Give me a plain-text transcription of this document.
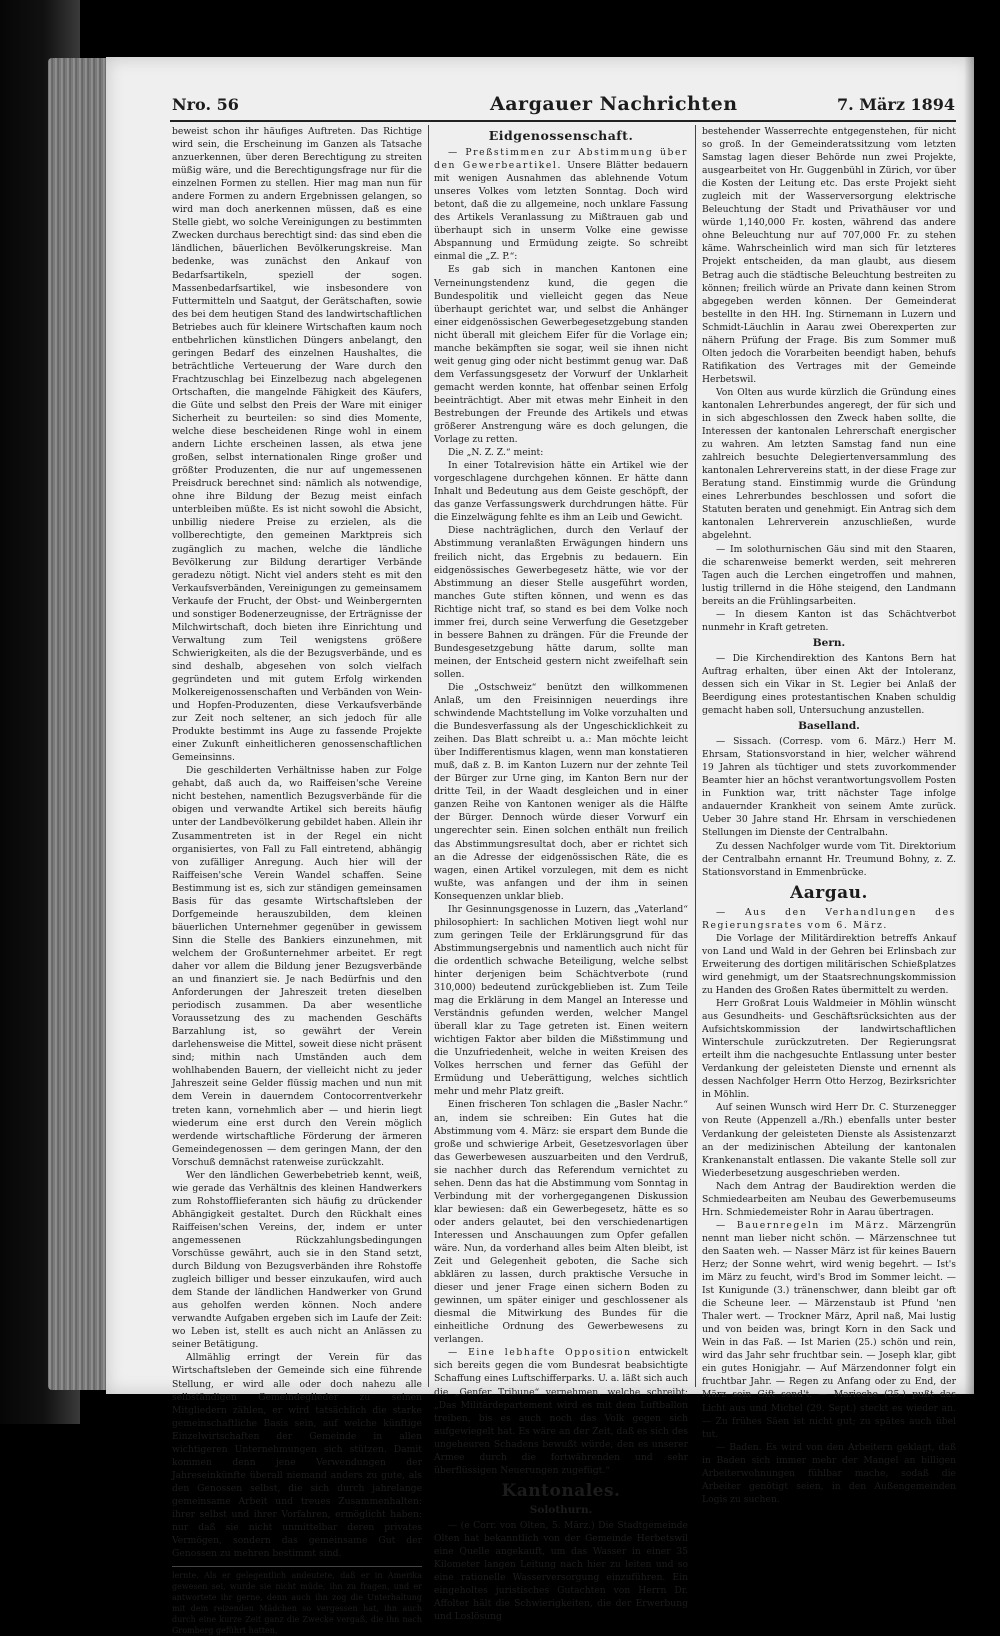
Nro. 56	Aargauer Nachrichten	7. März 1894

beweist schon ihr häufiges Auftreten. Das Richtige wird sein, die Erscheinung im Ganzen als Tatsache anzuerkennen, über deren Berechtigung zu streiten müßig wäre, und die Berechtigungsfrage nur für die einzelnen Formen zu stellen. Hier mag man nun für andere Formen zu andern Ergebnissen gelangen, so wird man doch anerkennen müssen, daß es eine Stelle giebt, wo solche Vereinigungen zu bestimmten Zwecken durchaus berechtigt sind: das sind eben die ländlichen, bäuerlichen Bevölkerungskreise. Man bedenke, was zunächst den Ankauf von Bedarfsartikeln, speziell der sogen. Massenbedarfsartikel, wie insbesondere von Futtermitteln und Saatgut, der Gerätschaften, sowie des bei dem heutigen Stand des landwirtschaftlichen Betriebes auch für kleinere Wirtschaften kaum noch entbehrlichen künstlichen Düngers anbelangt, den geringen Bedarf des einzelnen Haushaltes, die beträchtliche Verteuerung der Ware durch den Frachtzuschlag bei Einzelbezug nach abgelegenen Ortschaften, die mangelnde Fähigkeit des Käufers, die Güte und selbst den Preis der Ware mit einiger Sicherheit zu beurteilen: so sind dies Momente, welche diese bescheidenen Ringe wohl in einem andern Lichte erscheinen lassen, als etwa jene großen, selbst internationalen Ringe großer und größter Produzenten, die nur auf ungemessenen Preisdruck berechnet sind: nämlich als notwendige, ohne ihre Bildung der Bezug meist einfach unterbleiben müßte. Es ist nicht sowohl die Absicht, unbillig niedere Preise zu erzielen, als die vollberechtigte, den gemeinen Marktpreis sich zugänglich zu machen, welche die ländliche Bevölkerung zur Bildung derartiger Verbände geradezu nötigt. Nicht viel anders steht es mit den Verkaufsverbänden, Vereinigungen zu gemeinsamem Verkaufe der Frucht, der Obst- und Weinbergernten und sonstiger Bodenerzeugnisse, der Erträgnisse der Milchwirtschaft, doch bieten ihre Einrichtung und Verwaltung zum Teil wenigstens größere Schwierigkeiten, als die der Bezugsverbände, und es sind deshalb, abgesehen von solch vielfach gegründeten und mit gutem Erfolg wirkenden Molkereigenossenschaften und Verbänden von Wein- und Hopfen-Produzenten, diese Verkaufsverbände zur Zeit noch seltener, an sich jedoch für alle Produkte bestimmt ins Auge zu fassende Projekte einer Zukunft einheitlicheren genossenschaftlichen Gemeinsinns.

Die geschilderten Verhältnisse haben zur Folge gehabt, daß auch da, wo Raiffeisen'sche Vereine nicht bestehen, namentlich Bezugsverbände für die obigen und verwandte Artikel sich bereits häufig unter der Landbevölkerung gebildet haben. Allein ihr Zusammentreten ist in der Regel ein nicht organisiertes, von Fall zu Fall eintretend, abhängig von zufälliger Anregung. Auch hier will der Raiffeisen'sche Verein Wandel schaffen. Seine Bestimmung ist es, sich zur ständigen gemeinsamen Basis für das gesamte Wirtschaftsleben der Dorfgemeinde herauszubilden, dem kleinen bäuerlichen Unternehmer gegenüber in gewissem Sinn die Stelle des Bankiers einzunehmen, mit welchem der Großunternehmer arbeitet. Er regt daher vor allem die Bildung jener Bezugsverbände an und finanziert sie. Je nach Bedürfnis und den Anforderungen der Jahreszeit treten dieselben periodisch zusammen. Da aber wesentliche Voraussetzung des zu machenden Geschäfts Barzahlung ist, so gewährt der Verein darlehensweise die Mittel, soweit diese nicht präsent sind; mithin nach Umständen auch dem wohlhabenden Bauern, der vielleicht nicht zu jeder Jahreszeit seine Gelder flüssig machen und nun mit dem Verein in dauerndem Contocorrentverkehr treten kann, vornehmlich aber — und hierin liegt wiederum eine erst durch den Verein möglich werdende wirtschaftliche Förderung der ärmeren Gemeindegenossen — dem geringen Mann, der den Vorschuß demnächst ratenweise zurückzahlt.

Wer den ländlichen Gewerbebetrieb kennt, weiß, wie gerade das Verhältnis des kleinen Handwerkers zum Rohstofflieferanten sich häufig zu drückender Abhängigkeit gestaltet. Durch den Rückhalt eines Raiffeisen'schen Vereins, der, indem er unter angemessenen Rückzahlungsbedingungen Vorschüsse gewährt, auch sie in den Stand setzt, durch Bildung von Bezugsverbänden ihre Rohstoffe zugleich billiger und besser einzukaufen, wird auch dem Stande der ländlichen Handwerker von Grund aus geholfen werden können. Noch andere verwandte Aufgaben ergeben sich im Laufe der Zeit: wo Leben ist, stellt es auch nicht an Anlässen zu seiner Betätigung.

Allmählig erringt der Verein für das Wirtschaftsleben der Gemeinde sich eine führende Stellung, er wird alle oder doch nahezu alle selbständigen Gemeindeglieder zu seinen Mitgliedern zählen, er wird tatsächlich die starke gemeinschaftliche Basis sein, auf welche künftige Einzelwirtschaften der Gemeinde in allen wichtigeren Unternehmungen sich stützen. Damit kommen denn jene Verwendungen der Jahreseinkünfte überall niemand anders zu gute, als den Genossen selbst, die sich durch jahrelange gemeinsame Arbeit und treues Zusammenhalten: ihrer selbst und ihrer Vorfahren, ermöglicht haben: nur daß sie nicht unmittelbar deren privates Vermögen, sondern das gemeinsame Gut der Genossen zu mehren bestimmt sind.

lernte. Als er gelegentlich andeutete, daß er in Amerika gewesen sei, wurde sie nicht müde, ihn zu fragen, und er antwortete ihr gerne, denn auch ihn zog die Unterhaltung mit dem reizenden Mädchen so vergessen hat, ihn auch durch eine kurze Zeit ganz die Zwecke vergaß, die ihn nach Gromberg geführt hatten,
Eidgenossenschaft.

— Preßstimmen zur Abstimmung über den Gewerbeartikel. Unsere Blätter bedauern mit wenigen Ausnahmen das ablehnende Votum unseres Volkes vom letzten Sonntag. Doch wird betont, daß die zu allgemeine, noch unklare Fassung des Artikels Veranlassung zu Mißtrauen gab und überhaupt sich in unserm Volke eine gewisse Abspannung und Ermüdung zeigte. So schreibt einmal die „Z. P.“:

Es gab sich in manchen Kantonen eine Verneinungstendenz kund, die gegen die Bundespolitik und vielleicht gegen das Neue überhaupt gerichtet war, und selbst die Anhänger einer eidgenössischen Gewerbegesetzgebung standen nicht überall mit gleichem Eifer für die Vorlage ein; manche bekämpften sie sogar, weil sie ihnen nicht weit genug ging oder nicht bestimmt genug war. Daß dem Verfassungsgesetz der Vorwurf der Unklarheit gemacht werden konnte, hat offenbar seinen Erfolg beeinträchtigt. Aber mit etwas mehr Einheit in den Bestrebungen der Freunde des Artikels und etwas größerer Anstrengung wäre es doch gelungen, die Vorlage zu retten.

Die „N. Z. Z.“ meint:

In einer Totalrevision hätte ein Artikel wie der vorgeschlagene durchgehen können. Er hätte dann Inhalt und Bedeutung aus dem Geiste geschöpft, der das ganze Verfassungswerk durchdrungen hätte. Für die Einzelwägung fehlte es ihm an Leib und Gewicht.

Diese nachträglichen, durch den Verlauf der Abstimmung veranlaßten Erwägungen hindern uns freilich nicht, das Ergebnis zu bedauern. Ein eidgenössisches Gewerbegesetz hätte, wie vor der Abstimmung an dieser Stelle ausgeführt worden, manches Gute stiften können, und wenn es das Richtige nicht traf, so stand es bei dem Volke noch immer frei, durch seine Verwerfung die Gesetzgeber in bessere Bahnen zu drängen. Für die Freunde der Bundesgesetzgebung hätte darum, sollte man meinen, der Entscheid gestern nicht zweifelhaft sein sollen.

Die „Ostschweiz“ benützt den willkommenen Anlaß, um den Freisinnigen neuerdings ihre schwindende Machtstellung im Volke vorzuhalten und die Bundesverfassung als der Ungeschicklichkeit zu zeihen. Das Blatt schreibt u. a.: Man möchte leicht über Indifferentismus klagen, wenn man konstatieren muß, daß z. B. im Kanton Luzern nur der zehnte Teil der Bürger zur Urne ging, im Kanton Bern nur der dritte Teil, in der Waadt desgleichen und in einer ganzen Reihe von Kantonen weniger als die Hälfte der Bürger. Dennoch würde dieser Vorwurf ein ungerechter sein. Einen solchen enthält nun freilich das Abstimmungsresultat doch, aber er richtet sich an die Adresse der eidgenössischen Räte, die es wagen, einen Artikel vorzulegen, mit dem es nicht wußte, was anfangen und der ihm in seinen Konsequenzen unklar blieb.

Ihr Gesinnungsgenosse in Luzern, das „Vaterland“ philosophiert: In sachlichen Motiven liegt wohl nur zum geringen Teile der Erklärungsgrund für das Abstimmungsergebnis und namentlich auch nicht für die ordentlich schwache Beteiligung, welche selbst hinter derjenigen beim Schächtverbote (rund 310,000) bedeutend zurückgeblieben ist. Zum Teile mag die Erklärung in dem Mangel an Interesse und Verständnis gefunden werden, welcher Mangel überall klar zu Tage getreten ist. Einen weitern wichtigen Faktor aber bilden die Mißstimmung und die Unzufriedenheit, welche in weiten Kreisen des Volkes herrschen und ferner das Gefühl der Ermüdung und Ueberättigung, welches sichtlich mehr und mehr Platz greift.

Einen frischeren Ton schlagen die „Basler Nachr.“ an, indem sie schreiben: Ein Gutes hat die Abstimmung vom 4. März: sie erspart dem Bunde die große und schwierige Arbeit, Gesetzesvorlagen über das Gewerbewesen auszuarbeiten und den Verdruß, sie nachher durch das Referendum vernichtet zu sehen. Denn das hat die Abstimmung vom Sonntag in Verbindung mit der vorhergegangenen Diskussion klar bewiesen: daß ein Gewerbegesetz, hätte es so oder anders gelautet, bei den verschiedenartigen Interessen und Anschauungen zum Opfer gefallen wäre. Nun, da vorderhand alles beim Alten bleibt, ist Zeit und Gelegenheit geboten, die Sache sich abklären zu lassen, durch praktische Versuche in dieser und jener Frage einen sichern Boden zu gewinnen, um später einiger und geschlossener als diesmal die Mitwirkung des Bundes für die einheitliche Ordnung des Gewerbewesens zu verlangen.

— Eine lebhafte Opposition entwickelt sich bereits gegen die vom Bundesrat beabsichtigte Schaffung eines Luftschifferparks. U. a. läßt sich auch die „Genfer Tribune“ vernehmen, welche schreibt: „Das Militärdepartement wird es mit dem Luftballon treiben, bis es auch noch das Volk gegen sich aufgewiegelt hat. Es wäre an der Zeit, daß es sich des ungeheuren Schadens bewußt würde, den es unserer Armee durch die fortwährenden und sehr überflüssigen Neuerungen zugefügt.“

Kantonales.
Solothurn.

— (e Corr. von Olten, 5. März.) Die Stadtgemeinde Olten hat bekanntlich von der Gemeinde Herbetswil eine Quelle angekauft, um das Wasser in einer 35 Kilometer langen Leitung nach hier zu leiten und so eine rationelle Wasserversorgung einzuführen. Ein eingeholtes juristisches Gutachten von Herrn Dr. Affolter hält die Schwierigkeiten, die der Erwerbung und Loslösung

bestehender Wasserrechte entgegenstehen, für nicht so groß. In der Gemeinderatssitzung vom letzten Samstag lagen dieser Behörde nun zwei Projekte, ausgearbeitet von Hr. Guggenbühl in Zürich, vor über die Kosten der Leitung etc. Das erste Projekt sieht zugleich mit der Wasserversorgung elektrische Beleuchtung der Stadt und Privathäuser vor und würde 1,140,000 Fr. kosten, während das andere ohne Beleuchtung nur auf 707,000 Fr. zu stehen käme. Wahrscheinlich wird man sich für letzteres Projekt entscheiden, da man glaubt, aus diesem Betrag auch die städtische Beleuchtung bestreiten zu können; freilich würde an Private dann keinen Strom abgegeben werden können. Der Gemeinderat bestellte in den HH. Ing. Stirnemann in Luzern und Schmidt-Läuchlin in Aarau zwei Oberexperten zur nähern Prüfung der Frage. Bis zum Sommer muß Olten jedoch die Vorarbeiten beendigt haben, behufs Ratifikation des Vertrages mit der Gemeinde Herbetswil.

Von Olten aus wurde kürzlich die Gründung eines kantonalen Lehrerbundes angeregt, der für sich und in sich abgeschlossen den Zweck haben sollte, die Interessen der kantonalen Lehrerschaft energischer zu wahren. Am letzten Samstag fand nun eine zahlreich besuchte Delegiertenversammlung des kantonalen Lehrervereins statt, in der diese Frage zur Beratung stand. Einstimmig wurde die Gründung eines Lehrerbundes beschlossen und sofort die Statuten beraten und genehmigt. Ein Antrag sich dem kantonalen Lehrerverein anzuschließen, wurde abgelehnt.

— Im solothurnischen Gäu sind mit den Staaren, die scharenweise bemerkt werden, seit mehreren Tagen auch die Lerchen eingetroffen und mahnen, lustig trillernd in die Höhe steigend, den Landmann bereits an die Frühlingsarbeiten.

— In diesem Kanton ist das Schächtverbot nunmehr in Kraft getreten.

Bern.

— Die Kirchendirektion des Kantons Bern hat Auftrag erhalten, über einen Akt der Intoleranz, dessen sich ein Vikar in St. Legier bei Anlaß der Beerdigung eines protestantischen Knaben schuldig gemacht haben soll, Untersuchung anzustellen.

Baselland.

— Sissach. (Corresp. vom 6. März.) Herr M. Ehrsam, Stationsvorstand in hier, welcher während 19 Jahren als tüchtiger und stets zuvorkommender Beamter hier an höchst verantwortungsvollem Posten in Funktion war, tritt nächster Tage infolge andauernder Krankheit von seinem Amte zurück. Ueber 30 Jahre stand Hr. Ehrsam in verschiedenen Stellungen im Dienste der Centralbahn.

Zu dessen Nachfolger wurde vom Tit. Direktorium der Centralbahn ernannt Hr. Treumund Bohny, z. Z. Stationsvorstand in Emmenbrücke.

Aargau.

— Aus den Verhandlungen des Regierungsrates vom 6. März.

Die Vorlage der Militärdirektion betreffs Ankauf von Land und Wald in der Gehren bei Erlinsbach zur Erweiterung des dortigen militärischen Schießplatzes wird genehmigt, um der Staatsrechnungskommission zu Handen des Großen Rates übermittelt zu werden.

Herr Großrat Louis Waldmeier in Möhlin wünscht aus Gesundheits- und Geschäftsrücksichten aus der Aufsichtskommission der landwirtschaftlichen Winterschule zurückzutreten. Der Regierungsrat erteilt ihm die nachgesuchte Entlassung unter bester Verdankung der geleisteten Dienste und ernennt als dessen Nachfolger Herrn Otto Herzog, Bezirksrichter in Möhlin.

Auf seinen Wunsch wird Herr Dr. C. Sturzenegger von Reute (Appenzell a./Rh.) ebenfalls unter bester Verdankung der geleisteten Dienste als Assistenzarzt an der medizinischen Abteilung der kantonalen Krankenanstalt entlassen. Die vakante Stelle soll zur Wiederbesetzung ausgeschrieben werden.

Nach dem Antrag der Baudirektion werden die Schmiedearbeiten am Neubau des Gewerbemuseums Hrn. Schmiedemeister Rohr in Aarau übertragen.

— Bauernregeln im März. Märzengrün nennt man lieber nicht schön. — Märzenschnee tut den Saaten weh. — Nasser März ist für keines Bauern Herz; der Sonne wehrt, wird wenig begehrt. — Ist's im März zu feucht, wird's Brod im Sommer leicht. — Ist Kunigunde (3.) tränenschwer, dann bleibt gar oft die Scheune leer. — Märzenstaub ist Pfund 'nen Thaler wert. — Trockner März, April naß, Mai lustig und von beiden was, bringt Korn in den Sack und Wein in das Faß. — Ist Marien (25.) schön und rein, wird das Jahr sehr fruchtbar sein. — Joseph klar, gibt ein gutes Honigjahr. — Auf Märzendonner folgt ein fruchtbar Jahr. — Regen zu Anfang oder zu End, der März sein Gift send't. — Marieche (25.) pußt das Licht aus und Michel (29. Sept.) steckt es wieder an. — Zu frühes Säen ist nicht gut; zu spätes auch übel tut.

— Baden. Es wird von den Arbeitern geklagt, daß in Baden sich immer mehr der Mangel an billigen Arbeiterwohnungen fühlbar mache, sodaß die Arbeiter genötigt seien, in den Außengemeinden Logis zu suchen.
